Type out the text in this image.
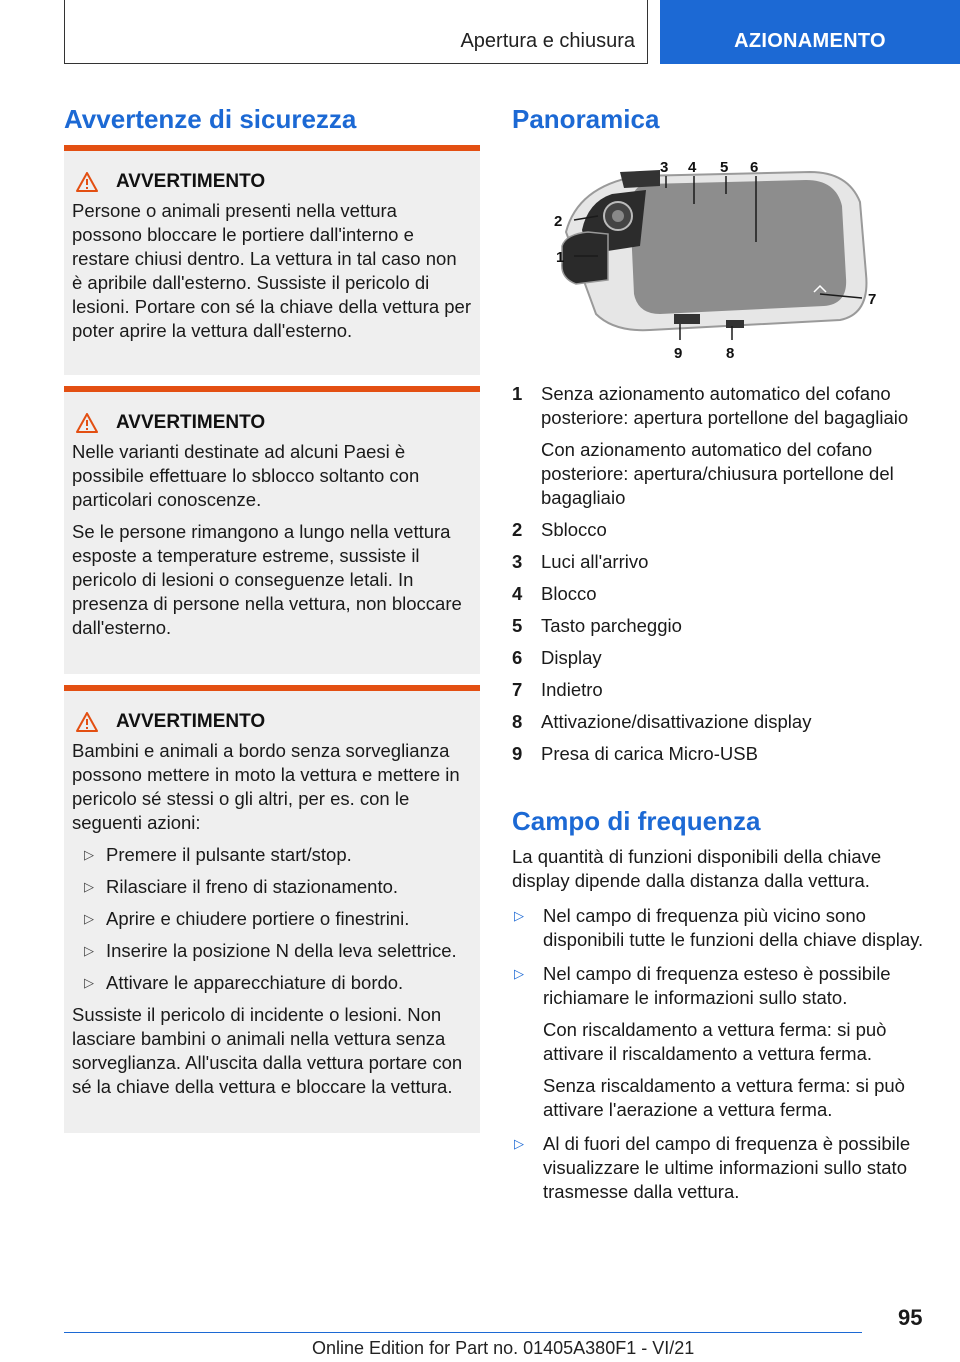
Apertura e chiusura	AZIONAMENTO
Avvertenze di sicurezza
AVVERTIMENTO

Persone o animali presenti nella vettura possono bloccare le portiere dall'interno e restare chiusi dentro. La vettura in tal caso non è apribile dall'esterno. Sussiste il pericolo di lesioni. Portare con sé la chiave della vettura per poter aprire la vettura dall'esterno.

AVVERTIMENTO

Nelle varianti destinate ad alcuni Paesi è possibile effettuare lo sblocco soltanto con particolari conoscenze.

Se le persone rimangono a lungo nella vettura esposte a temperature estreme, sussiste il pericolo di lesioni o conseguenze letali. In presenza di persone nella vettura, non bloccare dall'esterno.

AVVERTIMENTO

Bambini e animali a bordo senza sorveglianza possono mettere in moto la vettura e mettere in pericolo sé stessi o gli altri, per es. con le seguenti azioni:

▷ Premere il pulsante start/stop.
▷ Rilasciare il freno di stazionamento.
▷ Aprire e chiudere portiere o finestrini.
▷ Inserire la posizione N della leva selettrice.
▷ Attivare le apparecchiature di bordo.

Sussiste il pericolo di incidente o lesioni. Non lasciare bambini o animali nella vettura senza sorveglianza. All'uscita dalla vettura portare con sé la chiave della vettura e bloccare la vettura.

Panoramica
3 4 5 6
2
1
7
9	8
1	Senza azionamento automatico del cofano posteriore: apertura portellone del bagagliaio

Con azionamento automatico del cofano posteriore: apertura/chiusura portellone del bagagliaio

2	Sblocco

3	Luci all'arrivo

4	Blocco

5	Tasto parcheggio

6	Display

7	Indietro

8	Attivazione/disattivazione display

9	Presa di carica Micro-USB

Campo di frequenza

La quantità di funzioni disponibili della chiave display dipende dalla distanza dalla vettura.

▷	Nel campo di frequenza più vicino sono disponibili tutte le funzioni della chiave display.

▷	Nel campo di frequenza esteso è possibile richiamare le informazioni sullo stato.

Con riscaldamento a vettura ferma: si può attivare il riscaldamento a vettura ferma.

Senza riscaldamento a vettura ferma: si può attivare l'aerazione a vettura ferma.

▷	Al di fuori del campo di frequenza è possibile visualizzare le ultime informazioni sullo stato trasmesse dalla vettura.

95
Online Edition for Part no. 01405A380F1 - VI/21
